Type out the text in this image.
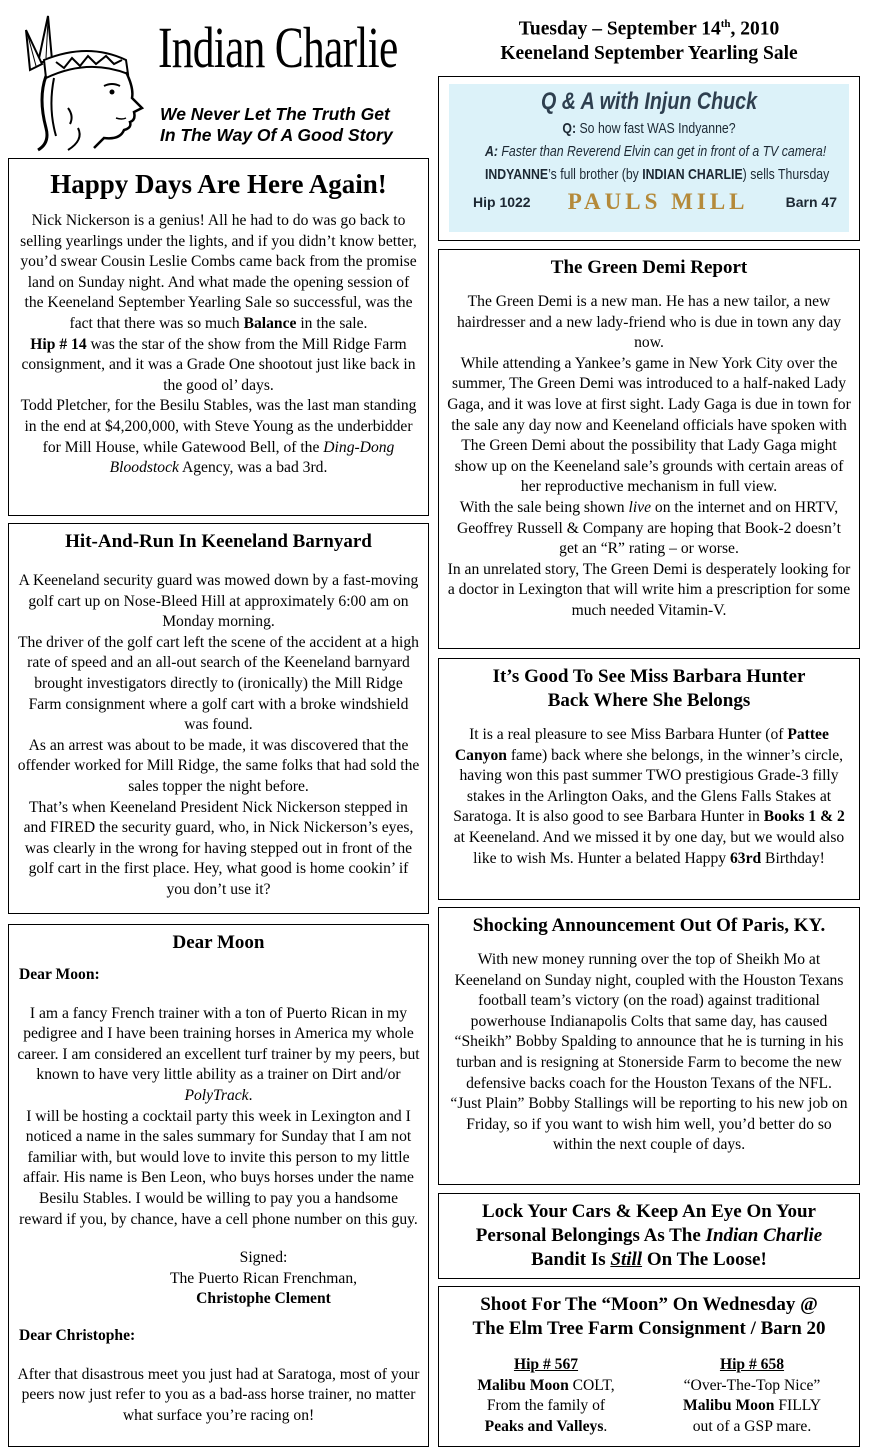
Indian Charlie
We Never Let The Truth Get
In The Way Of A Good Story
Tuesday – September 14th, 2010
Keeneland September Yearling Sale
Happy Days Are Here Again!
Nick Nickerson is a genius! All he had to do was go back to selling yearlings under the lights, and if you didn’t know better, you’d swear Cousin Leslie Combs came back from the promise land on Sunday night. And what made the opening session of the Keeneland September Yearling Sale so successful, was the fact that there was so much Balance in the sale.
Hip # 14 was the star of the show from the Mill Ridge Farm consignment, and it was a Grade One shootout just like back in the good ol’ days.
Todd Pletcher, for the Besilu Stables, was the last man standing in the end at $4,200,000, with Steve Young as the underbidder for Mill House, while Gatewood Bell, of the Ding-Dong Bloodstock Agency, was a bad 3rd.
Hit-And-Run In Keeneland Barnyard
A Keeneland security guard was mowed down by a fast-moving golf cart up on Nose-Bleed Hill at approximately 6:00 am on Monday morning.
The driver of the golf cart left the scene of the accident at a high rate of speed and an all-out search of the Keeneland barnyard brought investigators directly to (ironically) the Mill Ridge Farm consignment where a golf cart with a broke windshield was found.
As an arrest was about to be made, it was discovered that the offender worked for Mill Ridge, the same folks that had sold the sales topper the night before.
That’s when Keeneland President Nick Nickerson stepped in and FIRED the security guard, who, in Nick Nickerson’s eyes, was clearly in the wrong for having stepped out in front of the golf cart in the first place. Hey, what good is home cookin’ if you don’t use it?
Dear Moon
Dear Moon:
I am a fancy French trainer with a ton of Puerto Rican in my pedigree and I have been training horses in America my whole career. I am considered an excellent turf trainer by my peers, but known to have very little ability as a trainer on Dirt and/or PolyTrack.
I will be hosting a cocktail party this week in Lexington and I noticed a name in the sales summary for Sunday that I am not familiar with, but would love to invite this person to my little affair. His name is Ben Leon, who buys horses under the name Besilu Stables. I would be willing to pay you a handsome reward if you, by chance, have a cell phone number on this guy.
Signed:
The Puerto Rican Frenchman,
Christophe Clement
Dear Christophe:
After that disastrous meet you just had at Saratoga, most of your peers now just refer to you as a bad-ass horse trainer, no matter what surface you’re racing on!
Q & A with Injun Chuck
Q: So how fast WAS Indyanne?
A: Faster than Reverend Elvin can get in front of a TV camera!
INDYANNE’s full brother (by INDIAN CHARLIE) sells Thursday
Hip 1022 PAULS MILL	Barn 47
The Green Demi Report
The Green Demi is a new man. He has a new tailor, a new hairdresser and a new lady-friend who is due in town any day now.
While attending a Yankee’s game in New York City over the summer, The Green Demi was introduced to a half-naked Lady Gaga, and it was love at first sight. Lady Gaga is due in town for the sale any day now and Keeneland officials have spoken with The Green Demi about the possibility that Lady Gaga might show up on the Keeneland sale’s grounds with certain areas of her reproductive mechanism in full view.
With the sale being shown live on the internet and on HRTV, Geoffrey Russell & Company are hoping that Book-2 doesn’t get an “R” rating – or worse.
In an unrelated story, The Green Demi is desperately looking for a doctor in Lexington that will write him a prescription for some much needed Vitamin-V.
It’s Good To See Miss Barbara Hunter
Back Where She Belongs
It is a real pleasure to see Miss Barbara Hunter (of Pattee Canyon fame) back where she belongs, in the winner’s circle, having won this past summer TWO prestigious Grade-3 filly stakes in the Arlington Oaks, and the Glens Falls Stakes at Saratoga. It is also good to see Barbara Hunter in Books 1 & 2 at Keeneland. And we missed it by one day, but we would also like to wish Ms. Hunter a belated Happy 63rd Birthday!
Shocking Announcement Out Of Paris, KY.
With new money running over the top of Sheikh Mo at Keeneland on Sunday night, coupled with the Houston Texans football team’s victory (on the road) against traditional powerhouse Indianapolis Colts that same day, has caused “Sheikh” Bobby Spalding to announce that he is turning in his turban and is resigning at Stonerside Farm to become the new defensive backs coach for the Houston Texans of the NFL.
“Just Plain” Bobby Stallings will be reporting to his new job on Friday, so if you want to wish him well, you’d better do so within the next couple of days.
Lock Your Cars & Keep An Eye On Your
Personal Belongings As The Indian Charlie
Bandit Is Still On The Loose!
Shoot For The “Moon” On Wednesday @
The Elm Tree Farm Consignment / Barn 20
Hip # 567
Malibu Moon COLT,
From the family of
Peaks and Valleys.
Hip # 658
“Over-The-Top Nice”
Malibu Moon FILLY
out of a GSP mare.
